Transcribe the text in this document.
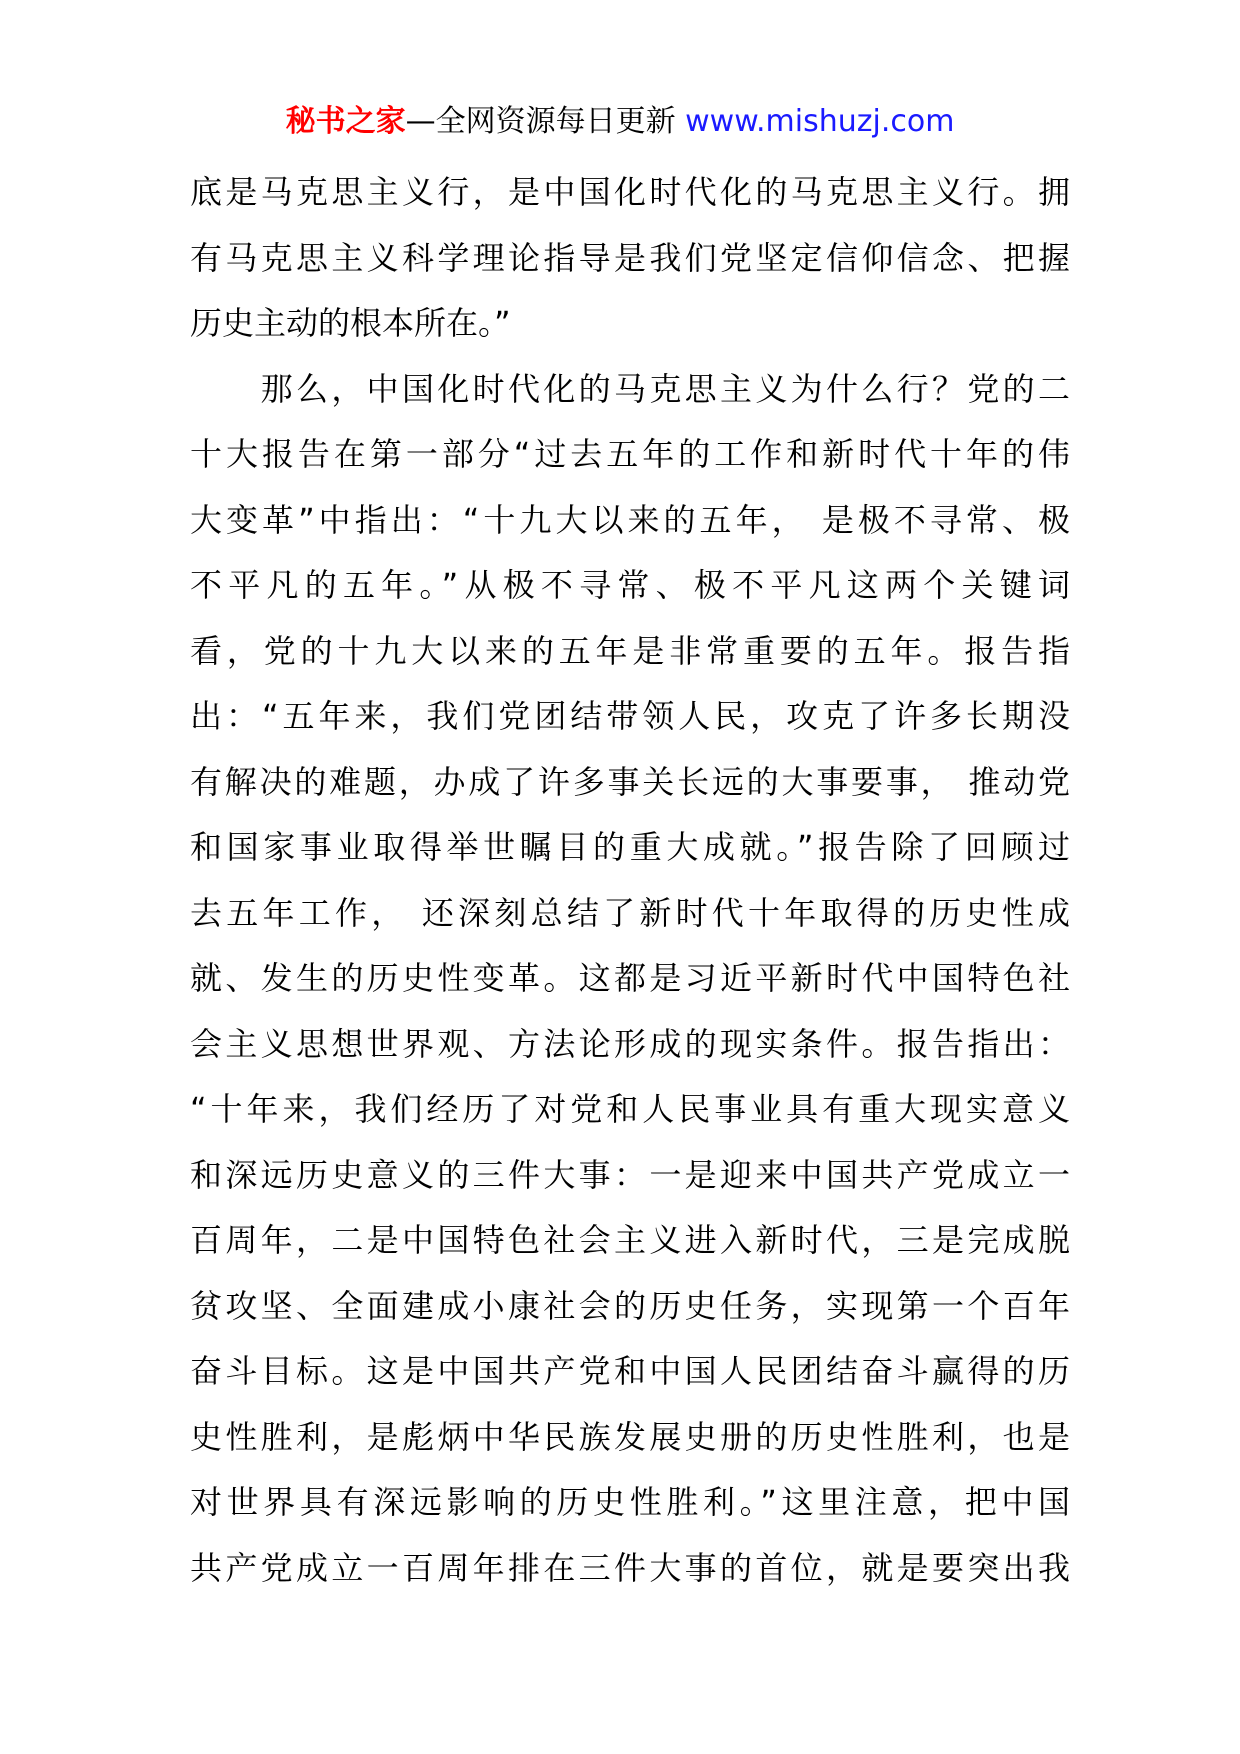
秘书之家—全网资源每日更新 www.mishuzj.com
底是马克思主义行，是中国化时代化的马克思主义行。拥
有马克思主义科学理论指导是我们党坚定信仰信念、把握
历史主动的根本所在。”
　　那么，中国化时代化的马克思主义为什么行？党的二
十大报告在第一部分“过去五年的工作和新时代十年的伟
大变革”中指出：“十九大以来的五年， 是极不寻常、极
不平凡的五年。”从极不寻常、极不平凡这两个关键词
看，党的十九大以来的五年是非常重要的五年。报告指
出：“五年来，我们党团结带领人民，攻克了许多长期没
有解决的难题，办成了许多事关长远的大事要事， 推动党
和国家事业取得举世瞩目的重大成就。”报告除了回顾过
去五年工作， 还深刻总结了新时代十年取得的历史性成
就、发生的历史性变革。这都是习近平新时代中国特色社
会主义思想世界观、方法论形成的现实条件。报告指出：
“十年来，我们经历了对党和人民事业具有重大现实意义
和深远历史意义的三件大事：一是迎来中国共产党成立一
百周年，二是中国特色社会主义进入新时代，三是完成脱
贫攻坚、全面建成小康社会的历史任务，实现第一个百年
奋斗目标。这是中国共产党和中国人民团结奋斗赢得的历
史性胜利，是彪炳中华民族发展史册的历史性胜利，也是
对世界具有深远影响的历史性胜利。”这里注意，把中国
共产党成立一百周年排在三件大事的首位，就是要突出我
